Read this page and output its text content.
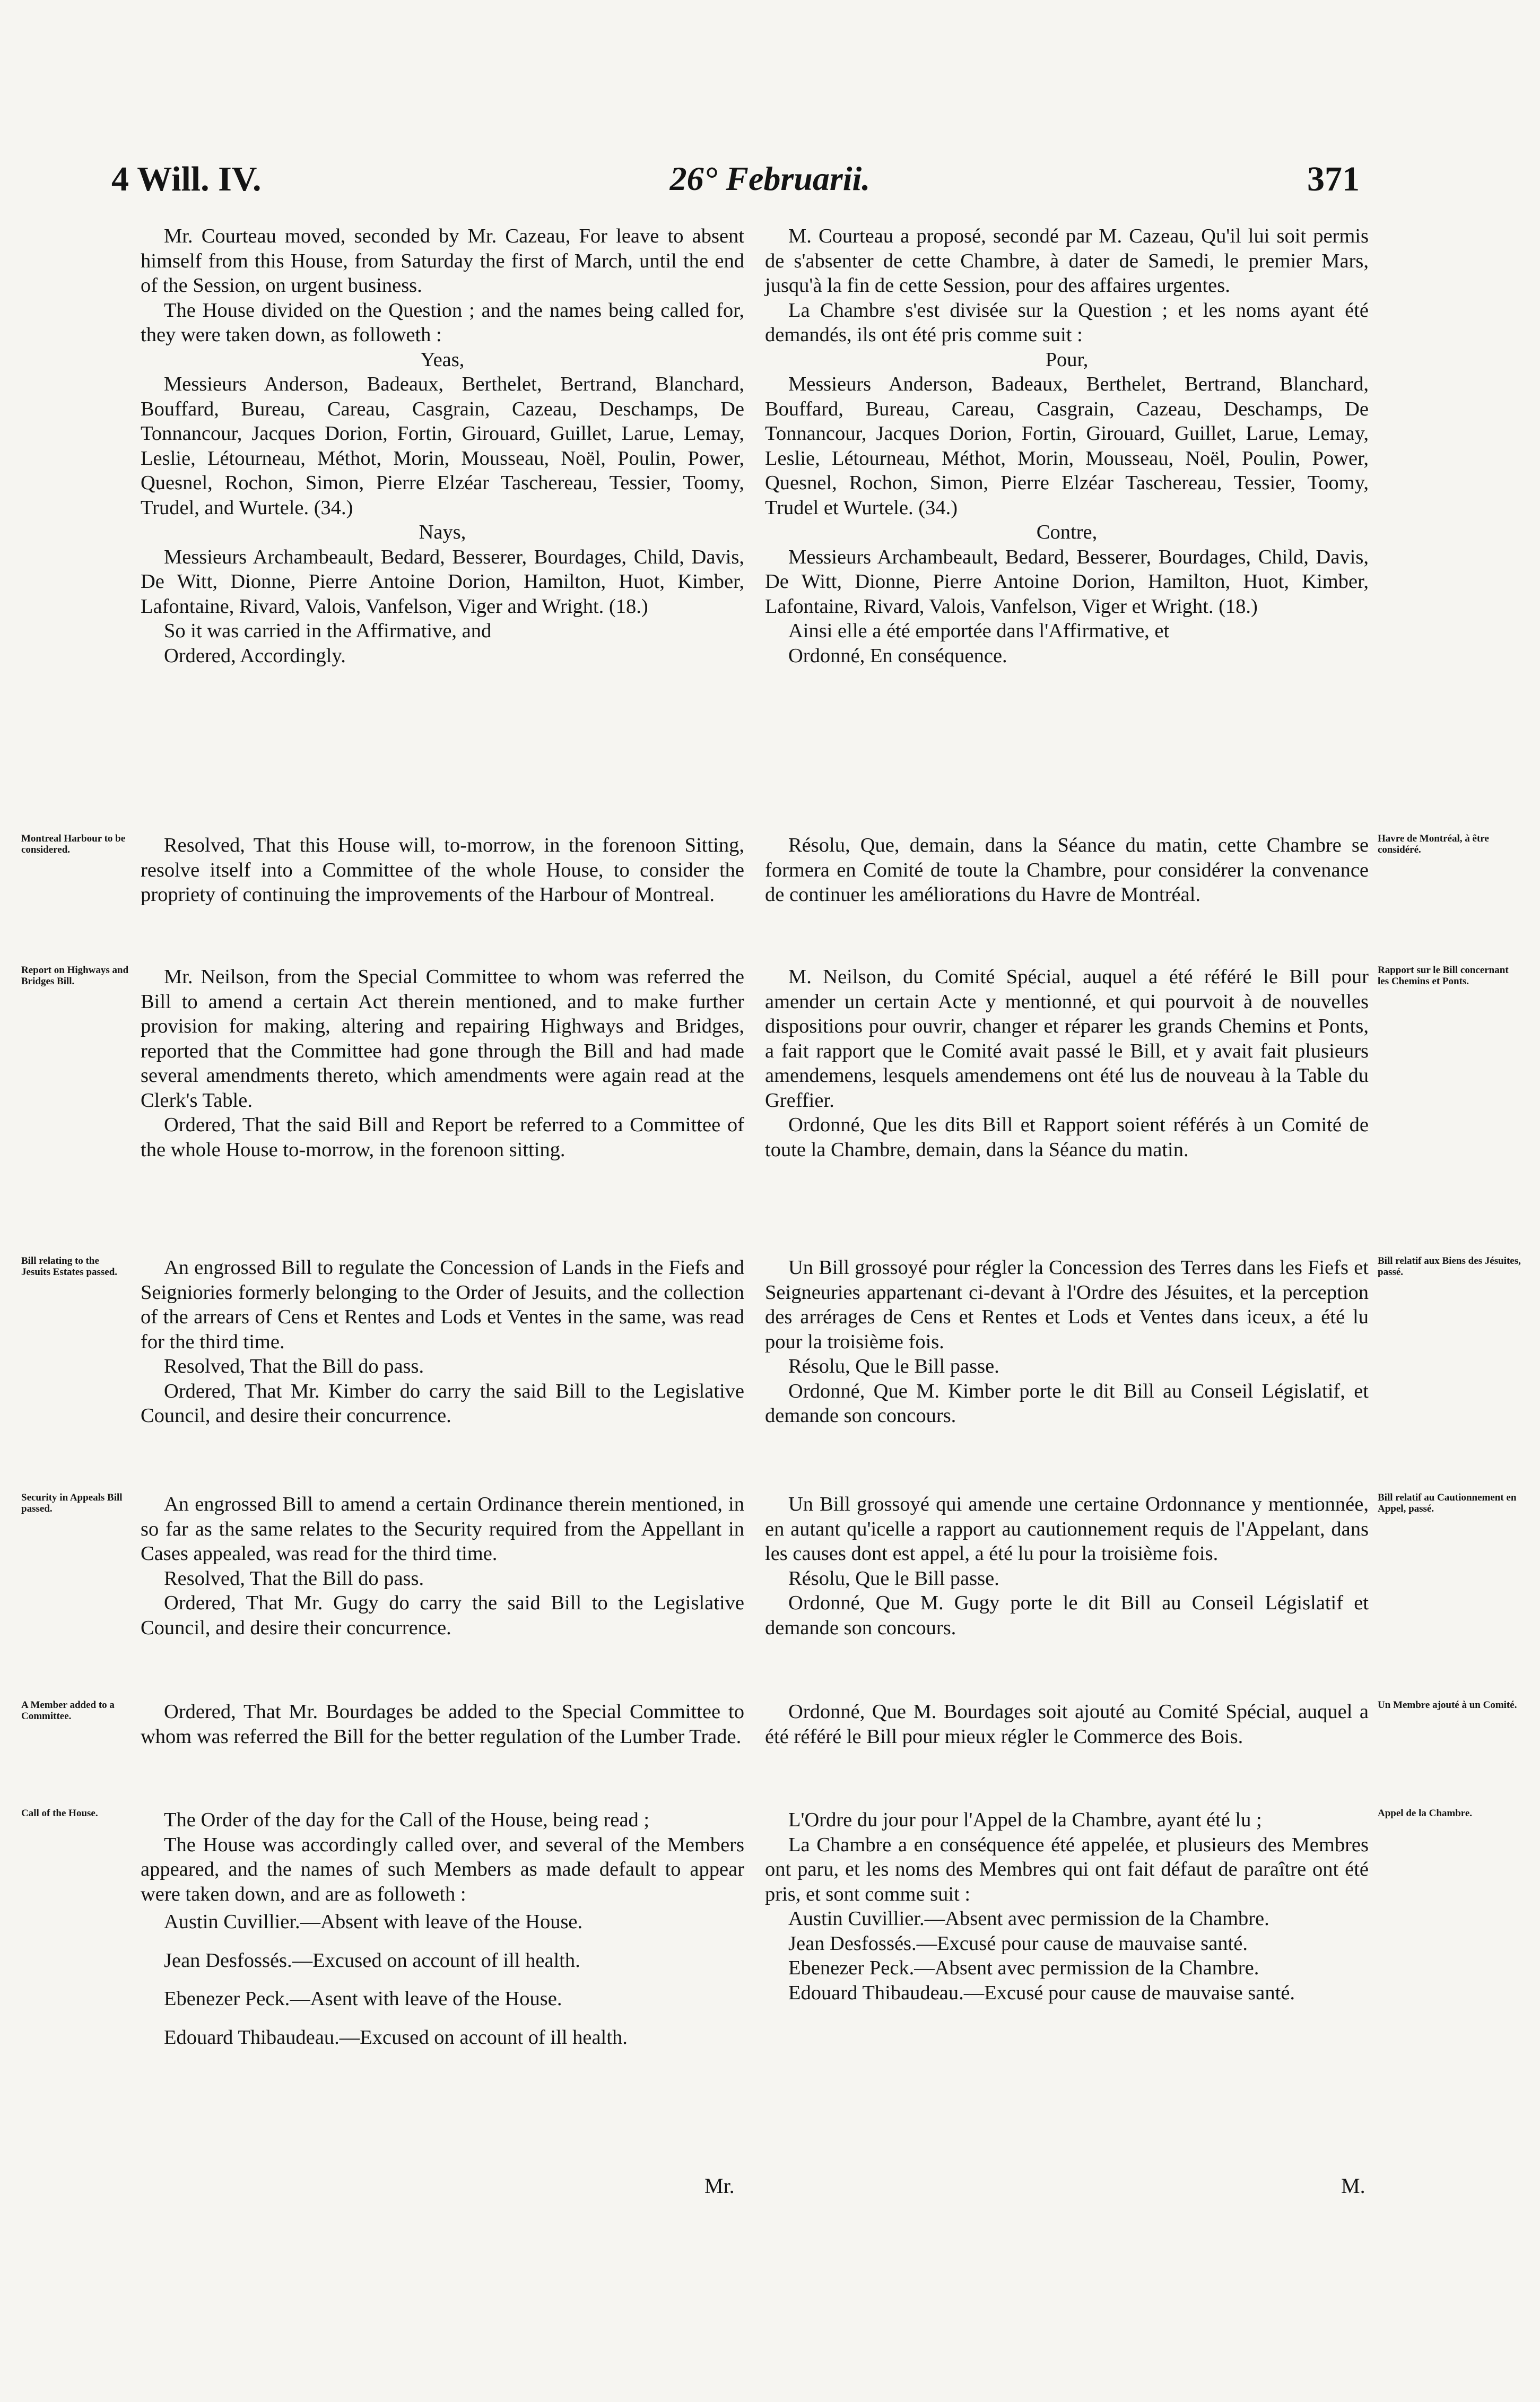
4 Will. IV.	26° Februarii.	371

Mr. Courteau moved, seconded by Mr. Cazeau, For leave to absent himself from this House, from Saturday the first of March, until the end of the Session, on urgent business.

The House divided on the Question ; and the names being called for, they were taken down, as followeth :

Yeas,

Messieurs Anderson, Badeaux, Berthelet, Bertrand, Blanchard, Bouffard, Bureau, Careau, Casgrain, Cazeau, Deschamps, De Tonnancour, Jacques Dorion, Fortin, Girouard, Guillet, Larue, Lemay, Leslie, Létourneau, Méthot, Morin, Mousseau, Noël, Poulin, Power, Quesnel, Rochon, Simon, Pierre Elzéar Taschereau, Tessier, Toomy, Trudel, and Wurtele. (34.)

Nays,

Messieurs Archambeault, Bedard, Besserer, Bourdages, Child, Davis, De Witt, Dionne, Pierre Antoine Dorion, Hamilton, Huot, Kimber, Lafontaine, Rivard, Valois, Vanfelson, Viger and Wright. (18.)

So it was carried in the Affirmative, and

Ordered, Accordingly.

M. Courteau a proposé, secondé par M. Cazeau, Qu'il lui soit permis de s'absenter de cette Chambre, à dater de Samedi, le premier Mars, jusqu'à la fin de cette Session, pour des affaires urgentes.

La Chambre s'est divisée sur la Question ; et les noms ayant été demandés, ils ont été pris comme suit :

Pour,

Messieurs Anderson, Badeaux, Berthelet, Bertrand, Blanchard, Bouffard, Bureau, Careau, Casgrain, Cazeau, Deschamps, De Tonnancour, Jacques Dorion, Fortin, Girouard, Guillet, Larue, Lemay, Leslie, Létourneau, Méthot, Morin, Mousseau, Noël, Poulin, Power, Quesnel, Rochon, Simon, Pierre Elzéar Taschereau, Tessier, Toomy, Trudel et Wurtele. (34.)

Contre,

Messieurs Archambeault, Bedard, Besserer, Bourdages, Child, Davis, De Witt, Dionne, Pierre Antoine Dorion, Hamilton, Huot, Kimber, Lafontaine, Rivard, Valois, Vanfelson, Viger et Wright. (18.)

Ainsi elle a été emportée dans l'Affirmative, et

Ordonné, En conséquence.

Montreal Harbour to be considered.	Resolved, That this House will, to-morrow, in the forenoon Sitting, resolve itself into a Committee of the whole House, to consider the propriety of continuing the improvements of the Harbour of Montreal.

Résolu, Que, demain, dans la Séance du matin, cette Chambre se formera en Comité de toute la Chambre, pour considérer la convenance de continuer les améliorations du Havre de Montréal.

Havre de Montréal, à être considéré.
Report on Highways and Bridges Bill.	Mr. Neilson, from the Special Committee to whom was referred the Bill to amend a certain Act therein mentioned, and to make further provision for making, altering and repairing Highways and Bridges, reported that the Committee had gone through the Bill and had made several amendments thereto, which amendments were again read at the Clerk's Table.

Ordered, That the said Bill and Report be referred to a Committee of the whole House to-morrow, in the forenoon sitting.

M. Neilson, du Comité Spécial, auquel a été référé le Bill pour amender un certain Acte y mentionné, et qui pourvoit à de nouvelles dispositions pour ouvrir, changer et réparer les grands Chemins et Ponts, a fait rapport que le Comité avait passé le Bill, et y avait fait plusieurs amendemens, lesquels amendemens ont été lus de nouveau à la Table du Greffier.

Ordonné, Que les dits Bill et Rapport soient référés à un Comité de toute la Chambre, demain, dans la Séance du matin.

Rapport sur le Bill concernant les Chemins et Ponts.
Bill relating to the Jesuits Estates passed.	An engrossed Bill to regulate the Concession of Lands in the Fiefs and Seigniories formerly belonging to the Order of Jesuits, and the collection of the arrears of Cens et Rentes and Lods et Ventes in the same, was read for the third time.

Resolved, That the Bill do pass.

Ordered, That Mr. Kimber do carry the said Bill to the Legislative Council, and desire their concurrence.

Un Bill grossoyé pour régler la Concession des Terres dans les Fiefs et Seigneuries appartenant ci-devant à l'Ordre des Jésuites, et la perception des arrérages de Cens et Rentes et Lods et Ventes dans iceux, a été lu pour la troisième fois.

Résolu, Que le Bill passe.

Ordonné, Que M. Kimber porte le dit Bill au Conseil Législatif, et demande son concours.

Bill relatif aux Biens des Jésuites, passé.
Security in Appeals Bill passed.	An engrossed Bill to amend a certain Ordinance therein mentioned, in so far as the same relates to the Security required from the Appellant in Cases appealed, was read for the third time.

Resolved, That the Bill do pass.

Ordered, That Mr. Gugy do carry the said Bill to the Legislative Council, and desire their concurrence.

Un Bill grossoyé qui amende une certaine Ordonnance y mentionnée, en autant qu'icelle a rapport au cautionnement requis de l'Appelant, dans les causes dont est appel, a été lu pour la troisième fois.

Résolu, Que le Bill passe.

Ordonné, Que M. Gugy porte le dit Bill au Conseil Législatif et demande son concours.

Bill relatif au Cautionnement en Appel, passé.
A Member added to a Committee.	Ordered, That Mr. Bourdages be added to the Special Committee to whom was referred the Bill for the better regulation of the Lumber Trade.

Ordonné, Que M. Bourdages soit ajouté au Comité Spécial, auquel a été référé le Bill pour mieux régler le Commerce des Bois.

Un Membre ajouté à un Comité.
Call of the House.	The Order of the day for the Call of the House, being read ;

The House was accordingly called over, and several of the Members appeared, and the names of such Members as made default to appear were taken down, and are as followeth :

Austin Cuvillier.—Absent with leave of the House.

Jean Desfossés.—Excused on account of ill health.

Ebenezer Peck.—Asent with leave of the House.

Edouard Thibaudeau.—Excused on account of ill health.

L'Ordre du jour pour l'Appel de la Chambre, ayant été lu ;

La Chambre a en conséquence été appelée, et plusieurs des Membres ont paru, et les noms des Membres qui ont fait défaut de paraître ont été pris, et sont comme suit :

Austin Cuvillier.—Absent avec permission de la Chambre.

Jean Desfossés.—Excusé pour cause de mauvaise santé.

Ebenezer Peck.—Absent avec permission de la Chambre.

Edouard Thibaudeau.—Excusé pour cause de mauvaise santé.

Appel de la Chambre.
Mr.	M.
